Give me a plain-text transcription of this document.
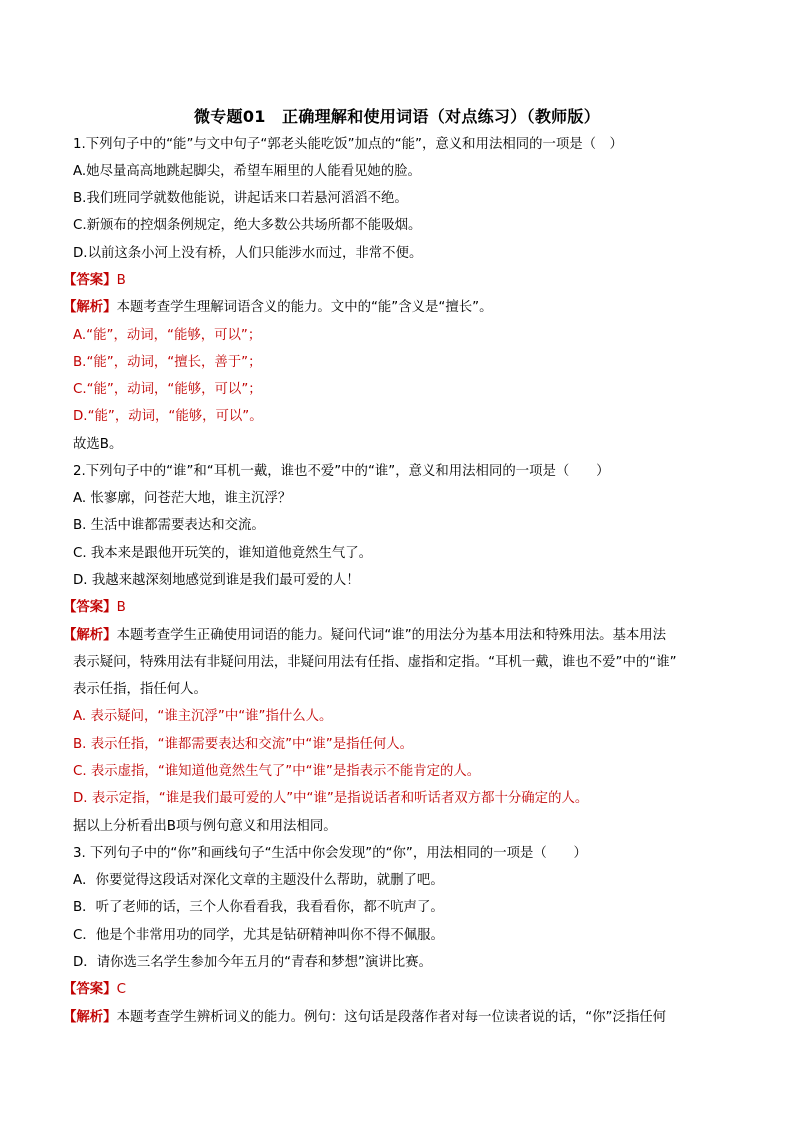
微专题01　正确理解和使用词语（对点练习）（教师版）
1.下列句子中的“能”与文中句子“郭老头能吃饭”加点的“能”，意义和用法相同的一项是（　）
A.她尽量高高地跳起脚尖，希望车厢里的人能看见她的脸。
B.我们班同学就数他能说，讲起话来口若悬河滔滔不绝。
C.新颁布的控烟条例规定，绝大多数公共场所都不能吸烟。
D.以前这条小河上没有桥，人们只能涉水而过，非常不便。
【答案】B
【解析】本题考查学生理解词语含义的能力。文中的“能”含义是“擅长”。
A.“能”，动词，“能够，可以”；
B.“能”，动词，“擅长，善于”；
C.“能”，动词，“能够，可以”；
D.“能”，动词，“能够，可以”。
故选B。
2.下列句子中的“谁”和“耳机一戴，谁也不爱”中的“谁”，意义和用法相同的一项是（　　）
A. 怅寥廓，问苍茫大地，谁主沉浮？
B. 生活中谁都需要表达和交流。
C. 我本来是跟他开玩笑的，谁知道他竟然生气了。
D. 我越来越深刻地感觉到谁是我们最可爱的人！
【答案】B
【解析】本题考查学生正确使用词语的能力。疑问代词“谁”的用法分为基本用法和特殊用法。基本用法
表示疑问，特殊用法有非疑问用法，非疑问用法有任指、虚指和定指。“耳机一戴，谁也不爱”中的“谁”
表示任指，指任何人。
A. 表示疑问，“谁主沉浮”中“谁”指什么人。
B. 表示任指，“谁都需要表达和交流”中“谁”是指任何人。
C. 表示虚指，“谁知道他竟然生气了”中“谁”是指表示不能肯定的人。
D. 表示定指，“谁是我们最可爱的人”中“谁”是指说话者和听话者双方都十分确定的人。
据以上分析看出B项与例句意义和用法相同。
3. 下列句子中的“你”和画线句子“生活中你会发现”的“你”，用法相同的一项是（　　）
A．你要觉得这段话对深化文章的主题没什么帮助，就删了吧。
B．听了老师的话，三个人你看看我，我看看你，都不吭声了。
C．他是个非常用功的同学，尤其是钻研精神叫你不得不佩服。
D．请你选三名学生参加今年五月的“青春和梦想”演讲比赛。
【答案】C
【解析】本题考查学生辨析词义的能力。例句：这句话是段落作者对每一位读者说的话，“你”泛指任何
